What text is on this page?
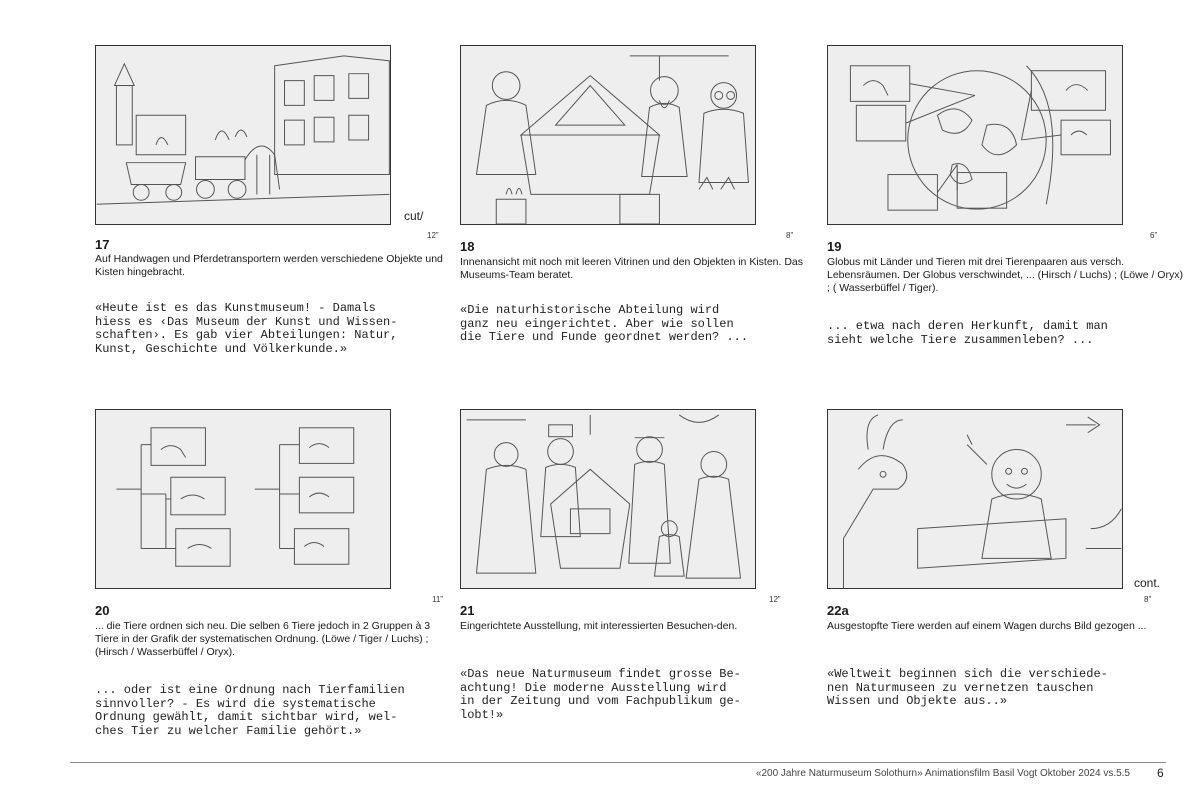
cut/
12”
17
Auf Handwagen und Pferdetransportern werden verschiedene Objekte und Kisten hingebracht.
«Heute ist es das Kunstmuseum! - Damals
hiess es ‹Das Museum der Kunst und Wissen-
schaften›. Es gab vier Abteilungen: Natur,
Kunst, Geschichte und Völkerkunde.»
8”
18
Innenansicht mit noch mit leeren Vitrinen und den Objekten in Kisten. Das Museums-Team beratet.
«Die naturhistorische Abteilung wird
ganz neu eingerichtet. Aber wie sollen
die Tiere und Funde geordnet werden? ...
6”
19
Globus mit Länder und Tieren mit drei Tierenpaaren aus versch. Lebensräumen. Der Globus verschwindet, ... (Hirsch / Luchs) ; (Löwe / Oryx) ; ( Wasserbüffel / Tiger).
... etwa nach deren Herkunft, damit man
sieht welche Tiere zusammenleben? ...
11”
20
... die Tiere ordnen sich neu. Die selben 6 Tiere jedoch in 2 Gruppen à 3 Tiere in der Grafik der systematischen Ordnung. (Löwe / Tiger / Luchs) ; (Hirsch / Wasserbüffel / Oryx).
... oder ist eine Ordnung nach Tierfamilien
sinnvoller? - Es wird die systematische
Ordnung gewählt, damit sichtbar wird, wel-
ches Tier zu welcher Familie gehört.»
12”
21
Eingerichtete Ausstellung, mit interessierten Besuchen-den.
«Das neue Naturmuseum findet grosse Be-
achtung! Die moderne Ausstellung wird
in der Zeitung und vom Fachpublikum ge-
lobt!»
cont.
8”
22a
Ausgestopfte Tiere werden auf einem Wagen durchs Bild gezogen ...
«Weltweit beginnen sich die verschiede-
nen Naturmuseen zu vernetzen tauschen
Wissen und Objekte aus..»
«200 Jahre Naturmuseum Solothurn» Animationsfilm Basil Vogt Oktober 2024 vs.5.5 6
